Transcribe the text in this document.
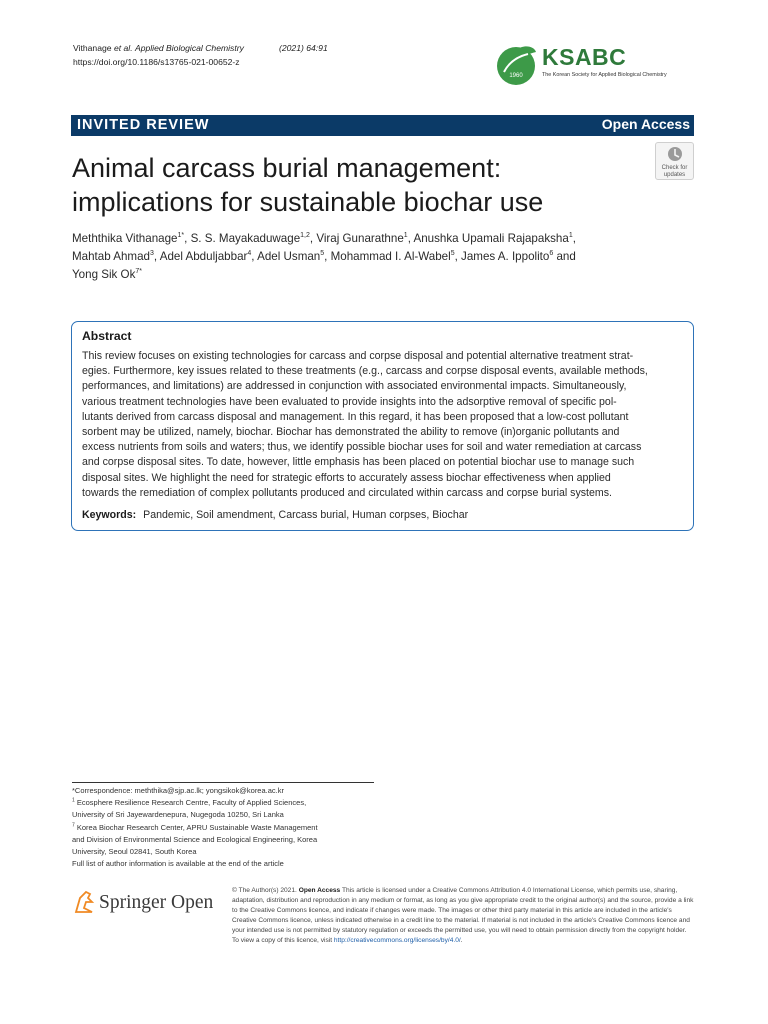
Vithanage et al. Applied Biological Chemistry	(2021) 64:91
https://doi.org/10.1186/s13765-021-00652-z
1960
KSABC
The Korean Society for Applied Biological Chemistry
INVITED REVIEW	Open Access
Animal carcass burial management:
implications for sustainable biochar use
Check for
updates
Meththika Vithanage$^{1*}$, S. S. Mayakaduwage$^{1,2}$, Viraj Gunarathne$^1$, Anushka Upamali Rajapaksha$^1$,
Mahtab Ahmad$^3$, Adel Abduljabbar$^4$, Adel Usman$^5$, Mohammad I. Al-Wabel$^5$, James A. Ippolito$^6$ and
Yong Sik $Ok^{7*}$
Abstract
This review focuses on existing technologies for carcass and corpse disposal and potential alternative treatment strat-
egies. Furthermore, key issues related to these treatments (e.g., carcass and corpse disposal events, available methods,
performances, and limitations) are addressed in conjunction with associated environmental impacts. Simultaneously,
various treatment technologies have been evaluated to provide insights into the adsorptive removal of specific pol-
lutants derived from carcass disposal and management. In this regard, it has been proposed that a low-cost pollutant
sorbent may be utilized, namely, biochar. Biochar has demonstrated the ability to remove (in)organic pollutants and
excess nutrients from soils and waters; thus, we identify possible biochar uses for soil and water remediation at carcass
and corpse disposal sites. To date, however, little emphasis has been placed on potential biochar use to manage such
disposal sites. We highlight the need for strategic efforts to accurately assess biochar effectiveness when applied
towards the remediation of complex pollutants produced and circulated within carcass and corpse burial systems.
Keywords: Pandemic, Soil amendment, Carcass burial, Human corpses, Biochar
*Correspondence: meththika@sjp.ac.lk; yongsikok@korea.ac.kr
$^1$ Ecosphere Resilience Research Centre, Faculty of Applied Sciences,
University of Sri Jayewardenepura, Nugegoda 10250, Sri Lanka
$^7$ Korea Biochar Research Center, APRU Sustainable Waste Management
and Division of Environmental Science and Ecological Engineering, Korea
University, Seoul 02841, South Korea
Full list of author information is available at the end of the article
Springer Open
© The Author(s) 2021. Open Access This article is licensed under a Creative Commons Attribution 4.0 International License, which permits use, sharing, adaptation, distribution and reproduction in any medium or format, as long as you give appropriate credit to the original author(s) and the source, provide a link to the Creative Commons licence, and indicate if changes were made. The images or other third party material in this article are included in the article's Creative Commons licence, unless indicated otherwise in a credit line to the material. If material is not included in the article's Creative Commons licence and your intended use is not permitted by statutory regulation or exceeds the permitted use, you will need to obtain permission directly from the copyright holder. To view a copy of this licence, visit http://creativecommons.org/licenses/by/4.0/.
